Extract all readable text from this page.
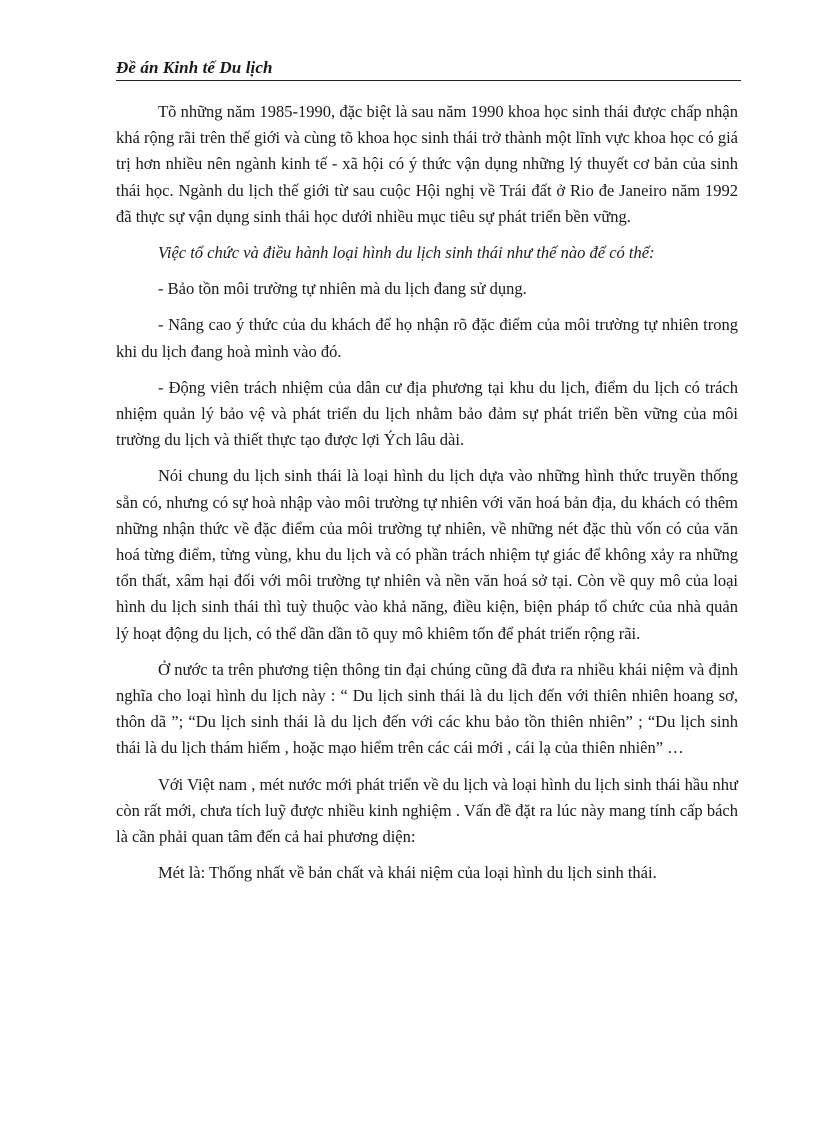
Đề án Kinh tế Du lịch

Tõ những năm 1985-1990, đặc biệt là sau năm 1990 khoa học sinh thái được chấp nhận khá rộng rãi trên thế giới và cùng tõ khoa học sinh thái trở thành một lĩnh vực khoa học có giá trị hơn nhiều nên ngành kinh tế - xã hội có ý thức vận dụng những lý thuyết cơ bản của sinh thái học. Ngành du lịch thế giới từ sau cuộc Hội nghị về Trái đất ở Rio đe Janeiro năm 1992 đã thực sự vận dụng sinh thái học dưới nhiều mục tiêu sự phát triển bền vững.

Việc tổ chức và điều hành loại hình du lịch sinh thái như thế nào để có thể:

- Bảo tồn môi trường tự nhiên mà du lịch đang sử dụng.

- Nâng cao ý thức của du khách để họ nhận rõ đặc điểm của môi trường tự nhiên trong khi du lịch đang hoà mình vào đó.

- Động viên trách nhiệm của dân cư địa phương tại khu du lịch, điểm du lịch có trách nhiệm quản lý bảo vệ và phát triển du lịch nhằm bảo đảm sự phát triển bền vững của môi trường du lịch và thiết thực tạo được lợi Ých lâu dài.

Nói chung du lịch sinh thái là loại hình du lịch dựa vào những hình thức truyền thống sẵn có, nhưng có sự hoà nhập vào môi trường tự nhiên với văn hoá bản địa, du khách có thêm những nhận thức về đặc điểm của môi trường tự nhiên, về những nét đặc thù vốn có của văn hoá từng điểm, từng vùng, khu du lịch và có phần trách nhiệm tự giác để không xảy ra những tổn thất, xâm hại đối với môi trường tự nhiên và nền văn hoá sở tại. Còn về quy mô của loại hình du lịch sinh thái thì tuỳ thuộc vào khả năng, điều kiện, biện pháp tổ chức của nhà quản lý hoạt động du lịch, có thể dần dần tõ quy mô khiêm tốn để phát triển rộng rãi.

Ở nước ta trên phương tiện thông tin đại chúng cũng đã đưa ra nhiều khái niệm và định nghĩa cho loại hình du lịch này : “ Du lịch sinh thái là du lịch đến với thiên nhiên hoang sơ, thôn dã ”; “Du lịch sinh thái là du lịch đến với các khu bảo tồn thiên nhiên” ; “Du lịch sinh thái là du lịch thám hiểm , hoặc mạo hiểm trên các cái mới , cái lạ của thiên nhiên” …

Với Việt nam , mét nước mới phát triển về du lịch và loại hình du lịch sinh thái hầu như còn rất mới, chưa tích luỹ được nhiều kinh nghiệm . Vấn đề đặt ra lúc này mang tính cấp bách là cần phải quan tâm đến cả hai phương diện:

Mét là: Thống nhất về bản chất và khái niệm của loại hình du lịch sinh thái.
